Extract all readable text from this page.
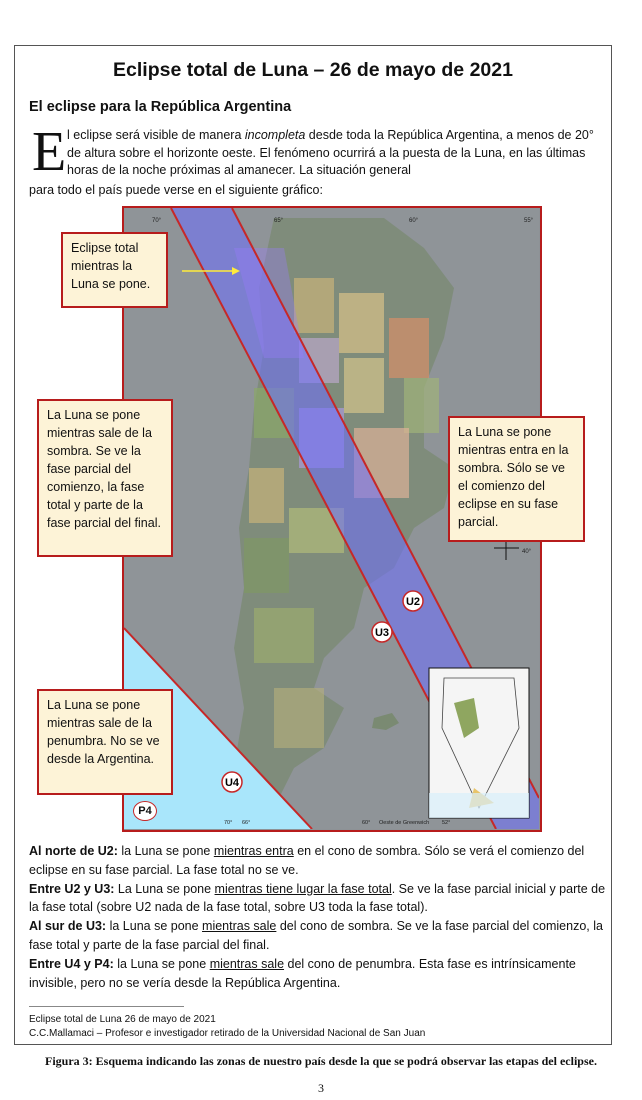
Eclipse total de Luna – 26 de mayo de 2021
El eclipse para la República Argentina
E l eclipse será visible de manera incompleta desde toda la República Argentina, a menos de 20° de altura sobre el horizonte oeste. El fenómeno ocurrirá a la puesta de la Luna, en las últimas horas de la noche próximas al amanecer. La situación general
para todo el país puede verse en el siguiente gráfico:
U2
U3
U4
70°	65°	60°	55°
40°
70° 66°	60° Oeste de Greenwich 52°
P4
Eclipse total mientras la Luna se pone.
La Luna se pone mientras sale de la sombra. Se ve la fase parcial del comienzo, la fase total y parte de la fase parcial del final.
La Luna se pone mientras entra en la sombra. Sólo se ve el comienzo del eclipse en su fase parcial.
La Luna se pone mientras sale de la penumbra. No se ve desde la Argentina.
Al norte de U2: la Luna se pone mientras entra en el cono de sombra. Sólo se verá el comienzo del eclipse en su fase parcial. La fase total no se ve.
Entre U2 y U3: La Luna se pone mientras tiene lugar la fase total. Se ve la fase parcial inicial y parte de la fase total (sobre U2 nada de la fase total, sobre U3 toda la fase total).
Al sur de U3: la Luna se pone mientras sale del cono de sombra. Se ve la fase parcial del comienzo, la fase total y parte de la fase parcial del final.
Entre U4 y P4: la Luna se pone mientras sale del cono de penumbra. Esta fase es intrínsicamente invisible, pero no se vería desde la República Argentina.
Eclipse total de Luna 26 de mayo de 2021
C.C.Mallamaci – Profesor e investigador retirado de la Universidad Nacional de San Juan
Figura 3: Esquema indicando las zonas de nuestro país desde la que se podrá observar las etapas del eclipse.
3
